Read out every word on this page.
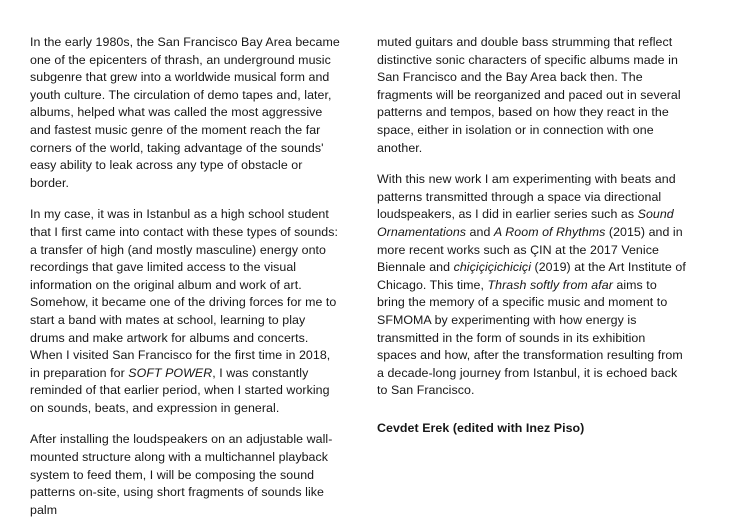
In the early 1980s, the San Francisco Bay Area became one of the epicenters of thrash, an underground music subgenre that grew into a worldwide musical form and youth culture. The circulation of demo tapes and, later, albums, helped what was called the most aggressive and fastest music genre of the moment reach the far corners of the world, taking advantage of the sounds' easy ability to leak across any type of obstacle or border.

In my case, it was in Istanbul as a high school student that I first came into contact with these types of sounds: a transfer of high (and mostly masculine) energy onto recordings that gave limited access to the visual information on the original album and work of art. Somehow, it became one of the driving forces for me to start a band with mates at school, learning to play drums and make artwork for albums and concerts. When I visited San Francisco for the first time in 2018, in preparation for SOFT POWER, I was constantly reminded of that earlier period, when I started working on sounds, beats, and expression in general.

After installing the loudspeakers on an adjustable wall-mounted structure along with a multichannel playback system to feed them, I will be composing the sound patterns on-site, using short fragments of sounds like palm

muted guitars and double bass strumming that reflect distinctive sonic characters of specific albums made in San Francisco and the Bay Area back then. The fragments will be reorganized and paced out in several patterns and tempos, based on how they react in the space, either in isolation or in connection with one another.

With this new work I am experimenting with beats and patterns transmitted through a space via directional loudspeakers, as I did in earlier series such as Sound Ornamentations and A Room of Rhythms (2015) and in more recent works such as ÇIN at the 2017 Venice Biennale and chiçiçiçichiciçi (2019) at the Art Institute of Chicago. This time, Thrash softly from afar aims to bring the memory of a specific music and moment to SFMOMA by experimenting with how energy is transmitted in the form of sounds in its exhibition spaces and how, after the transformation resulting from a decade-long journey from Istanbul, it is echoed back to San Francisco.

Cevdet Erek (edited with Inez Piso)
